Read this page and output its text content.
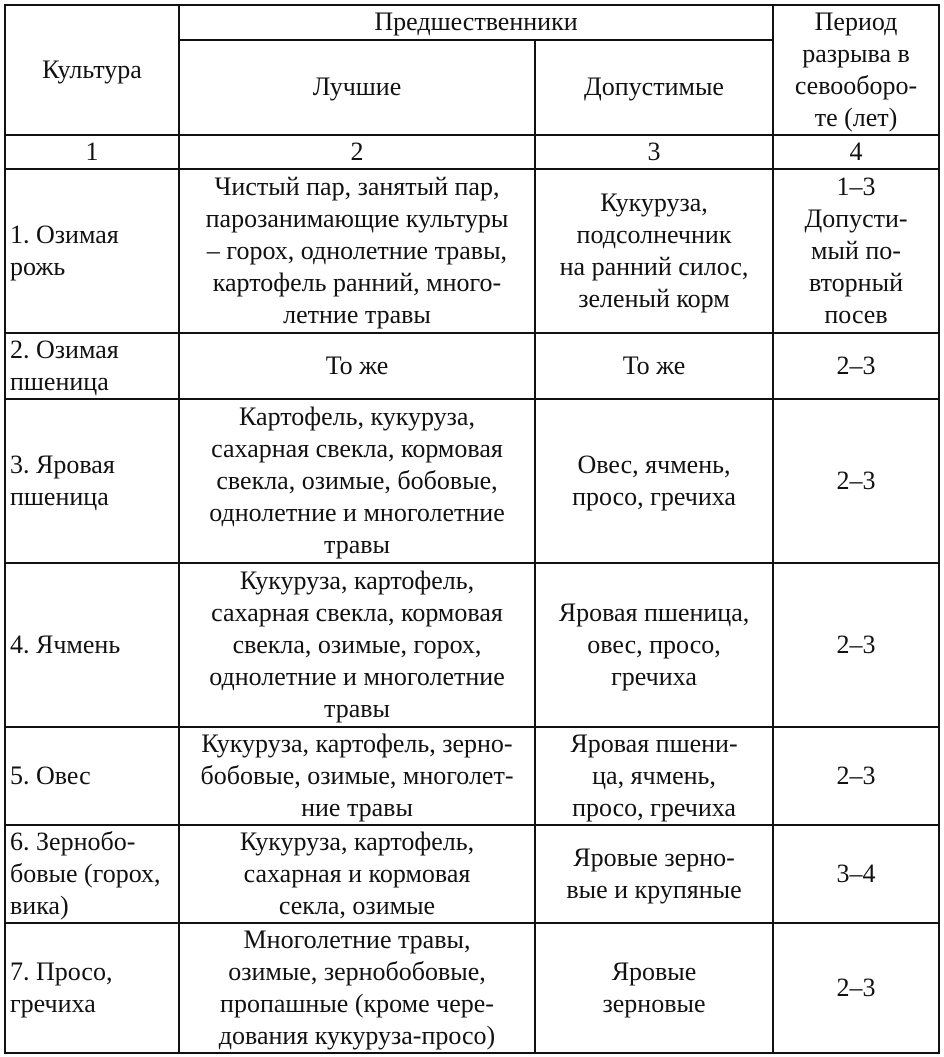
Культура	Предшественники		Период
разрыва в
севооборо-
те (лет)
	Лучшие	Допустимые	
1	2	3	4
1. Озимая
рожь	Чистый пар, занятый пар,
парозанимающие культуры
– горох, однолетние травы,
картофель ранний, много-
летние травы	Кукуруза,
подсолнечник
на ранний силос,
зеленый корм	1–3
Допусти-
мый по-
вторный
посев
2. Озимая
пшеница	То же	То же	2–3
3. Яровая
пшеница	Картофель, кукуруза,
сахарная свекла, кормовая
свекла, озимые, бобовые,
однолетние и многолетние
травы	Овес, ячмень,
просо, гречиха	2–3
4. Ячмень	Кукуруза, картофель,
сахарная свекла, кормовая
свекла, озимые, горох,
однолетние и многолетние
травы	Яровая пшеница,
овес, просо,
гречиха	2–3
5. Овес	Кукуруза, картофель, зерно-
бобовые, озимые, многолет-
ние травы	Яровая пшени-
ца, ячмень,
просо, гречиха	2–3
6. Зернобо-
бовые (горох,
вика)	Кукуруза, картофель,
сахарная и кормовая
секла, озимые	Яровые зерно-
вые и крупяные	3–4
7. Просо,
гречиха	Многолетние травы,
озимые, зернобобовые,
пропашные (кроме чере-
дования кукуруза-просо)	Яровые
зерновые	2–3
